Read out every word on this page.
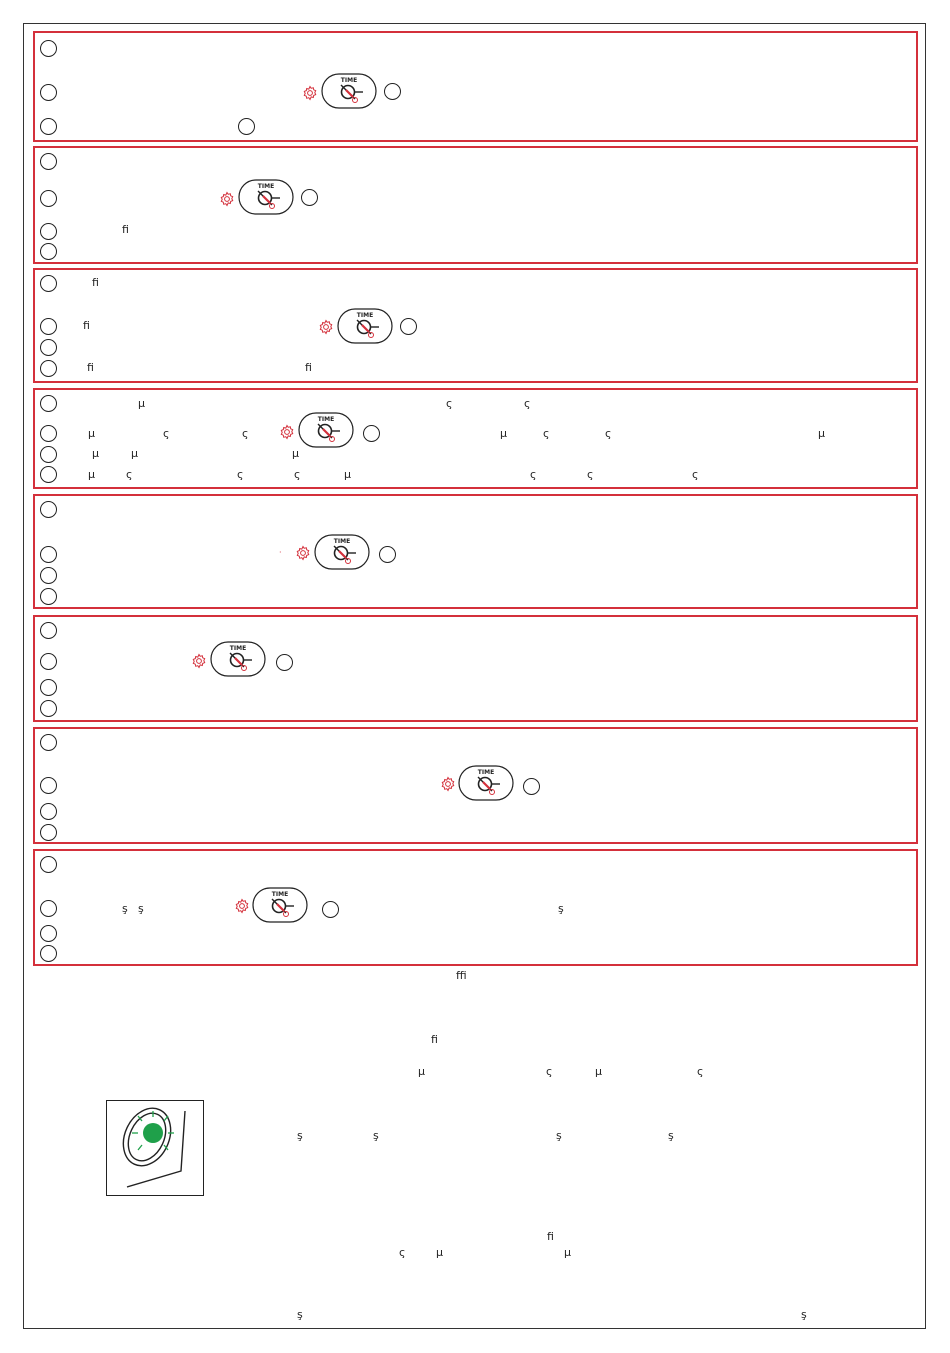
TIME
TIME
TIME
TIME
TIME
TIME
TIME
TIME
ﬁ
ﬁ
ﬁ
ﬁ	ﬁ
µ	ς	ς
µ	ς	ς	µ	ς	ς	µ
µ	µ	µ
µ	ς	ς	ς	µ	ς	ς	ς
·
ş ş	ş
ﬃ
ﬁ
µ	ς	µ	ς
ş	ş	ş	ş
ﬁ
ς	µ	µ
ş	ş
